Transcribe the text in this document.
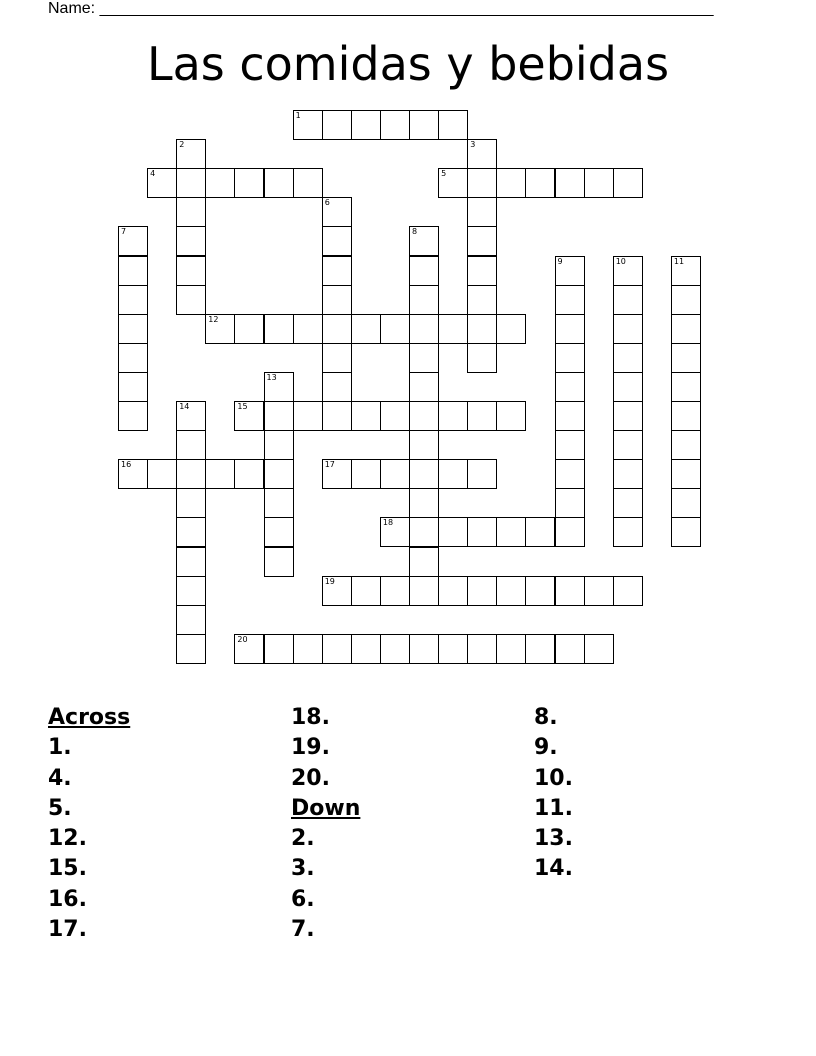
Name: _____________________________________________________________________
Las comidas y bebidas
1
2	3
4	5
6
7	8
9	10	11
12
13
14	15
16	17
18
19
20
Across
1.
4.
5.
12.
15.
16.
17.
18.
19.
20.
Down
2.
3.
6.
7.
8.
9.
10.
11.
13.
14.
